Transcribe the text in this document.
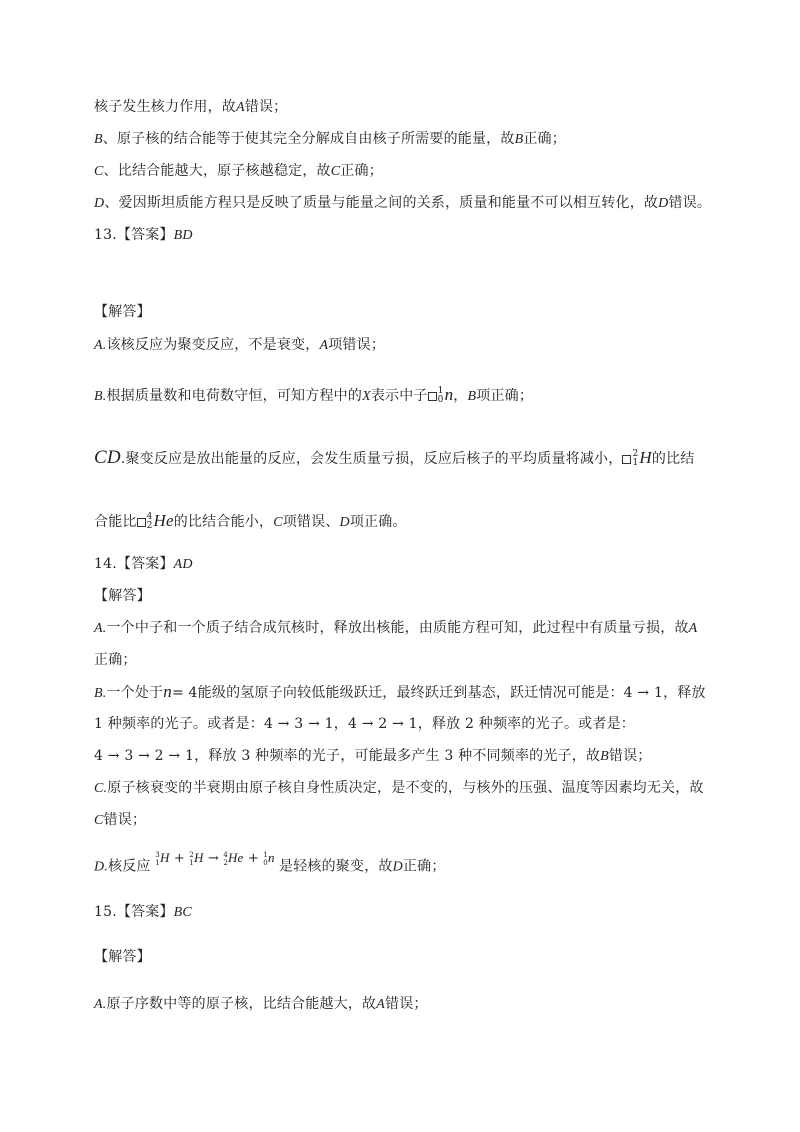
核子发生核力作用，故A错误；
B、原子核的结合能等于使其完全分解成自由核子所需要的能量，故B正确；
C、比结合能越大，原子核越稳定，故C正确；
D、爱因斯坦质能方程只是反映了质量与能量之间的关系，质量和能量不可以相互转化，故D错误。
13.【答案】BD
【解答】
A.该核反应为聚变反应，不是衰变，A项错误；
B.根据质量数和电荷数守恒，可知方程中的X表示中子 1
0 n，B项正确；
CD.聚变反应是放出能量的反应，会发生质量亏损，反应后核子的平均质量将减小， 2
1 H的比结
合能比 4
2 He的比结合能小，C项错误、D项正确。
14.【答案】AD
【解答】
A.一个中子和一个质子结合成氘核时，释放出核能，由质能方程可知，此过程中有质量亏损，故A
正确；
B.一个处于n= 4能级的氢原子向较低能级跃迁，最终跃迁到基态，跃迁情况可能是：4 → 1，释放
1 种频率的光子。或者是：4 → 3 → 1，4 → 2 → 1，释放 2 种频率的光子。或者是：
4 → 3 → 2 → 1，释放 3 种频率的光子，可能最多产生 3 种不同频率的光子，故B错误；
C.原子核衰变的半衰期由原子核自身性质决定，是不变的，与核外的压强、温度等因素均无关，故
C错误；
D.核反应
3
1 H + 2
1 H → 4
2 He + 1
0 n 是轻核的聚变，故D正确；
15.【答案】BC
【解答】
A.原子序数中等的原子核，比结合能越大，故A错误；
